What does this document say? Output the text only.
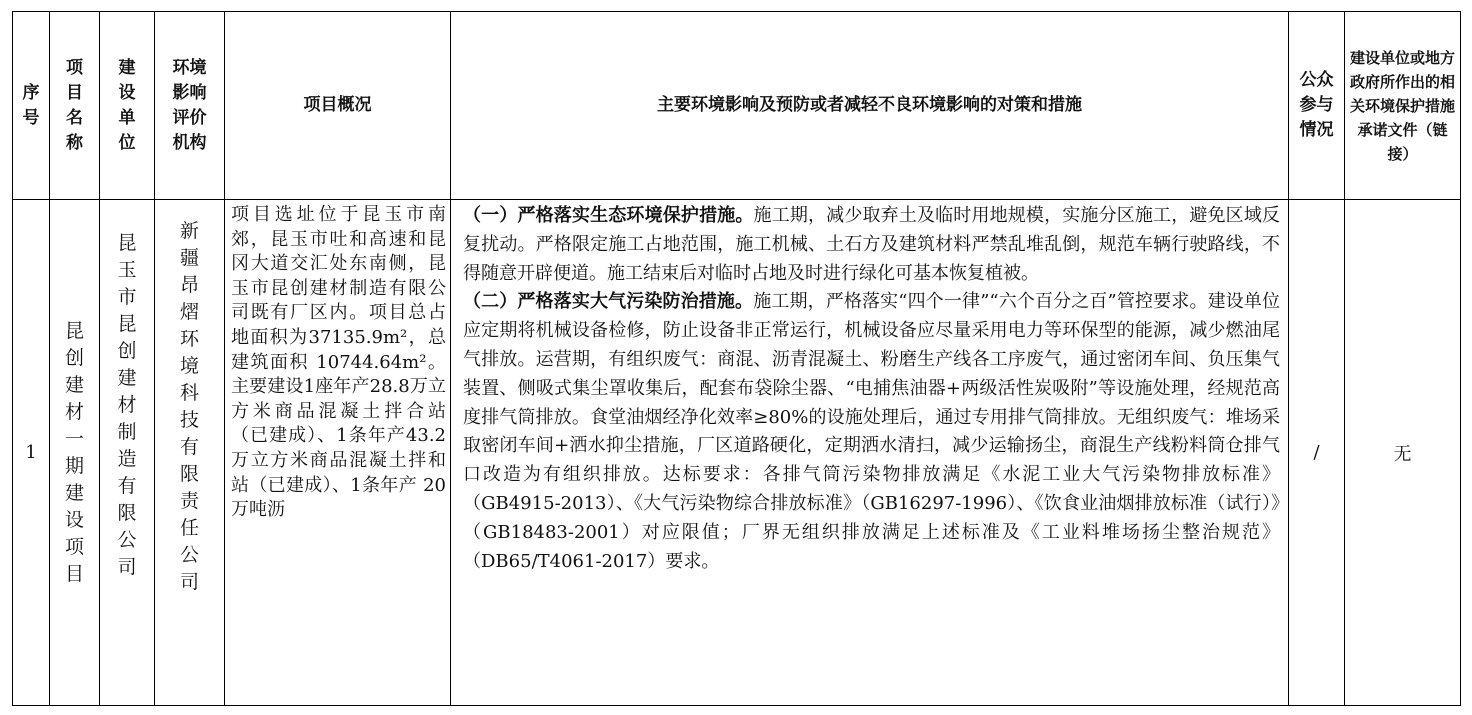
序号	项目名称	建设单位	环境影响评价机构	项目概况	主要环境影响及预防或者减轻不良环境影响的对策和措施	公众参与情况	建设单位或地方政府所作出的相关环境保护措施承诺文件（链接）

1	昆创建材一期建设项目	昆玉市昆创建材制造有限公司	新疆昂熠环境科技有限责任公司	项目选址位于昆玉市南郊，昆玉市吐和高速和昆冈大道交汇处东南侧，昆玉市昆创建材制造有限公司既有厂区内。项目总占地面积为37135.9m²，总建筑面积 10744.64m²。主要建设1座年产28.8万立方米商品混凝土拌合站（已建成）、1条年产43.2万立方米商品混凝土拌和站（已建成）、1条年产 20万吨沥	（一）严格落实生态环境保护措施。施工期，减少取弃土及临时用地规模，实施分区施工，避免区域反复扰动。严格限定施工占地范围，施工机械、土石方及建筑材料严禁乱堆乱倒，规范车辆行驶路线，不得随意开辟便道。施工结束后对临时占地及时进行绿化可基本恢复植被。
（二）严格落实大气污染防治措施。施工期，严格落实“四个一律”“六个百分之百”管控要求。建设单位应定期将机械设备检修，防止设备非正常运行，机械设备应尽量采用电力等环保型的能源，减少燃油尾气排放。运营期，有组织废气：商混、沥青混凝土、粉磨生产线各工序废气，通过密闭车间、负压集气装置、侧吸式集尘罩收集后，配套布袋除尘器、“电捕焦油器+两级活性炭吸附”等设施处理，经规范高度排气筒排放。食堂油烟经净化效率≥80%的设施处理后，通过专用排气筒排放。无组织废气：堆场采取密闭车间+洒水抑尘措施，厂区道路硬化，定期洒水清扫，减少运输扬尘，商混生产线粉料筒仓排气口改造为有组织排放。达标要求：各排气筒污染物排放满足《水泥工业大气污染物排放标准》（GB4915-2013）、《大气污染物综合排放标准》（GB16297-1996）、《饮食业油烟排放标准（试行）》（GB18483-2001）对应限值；厂界无组织排放满足上述标准及《工业料堆场扬尘整治规范》（DB65/T4061-2017）要求。	/	无
